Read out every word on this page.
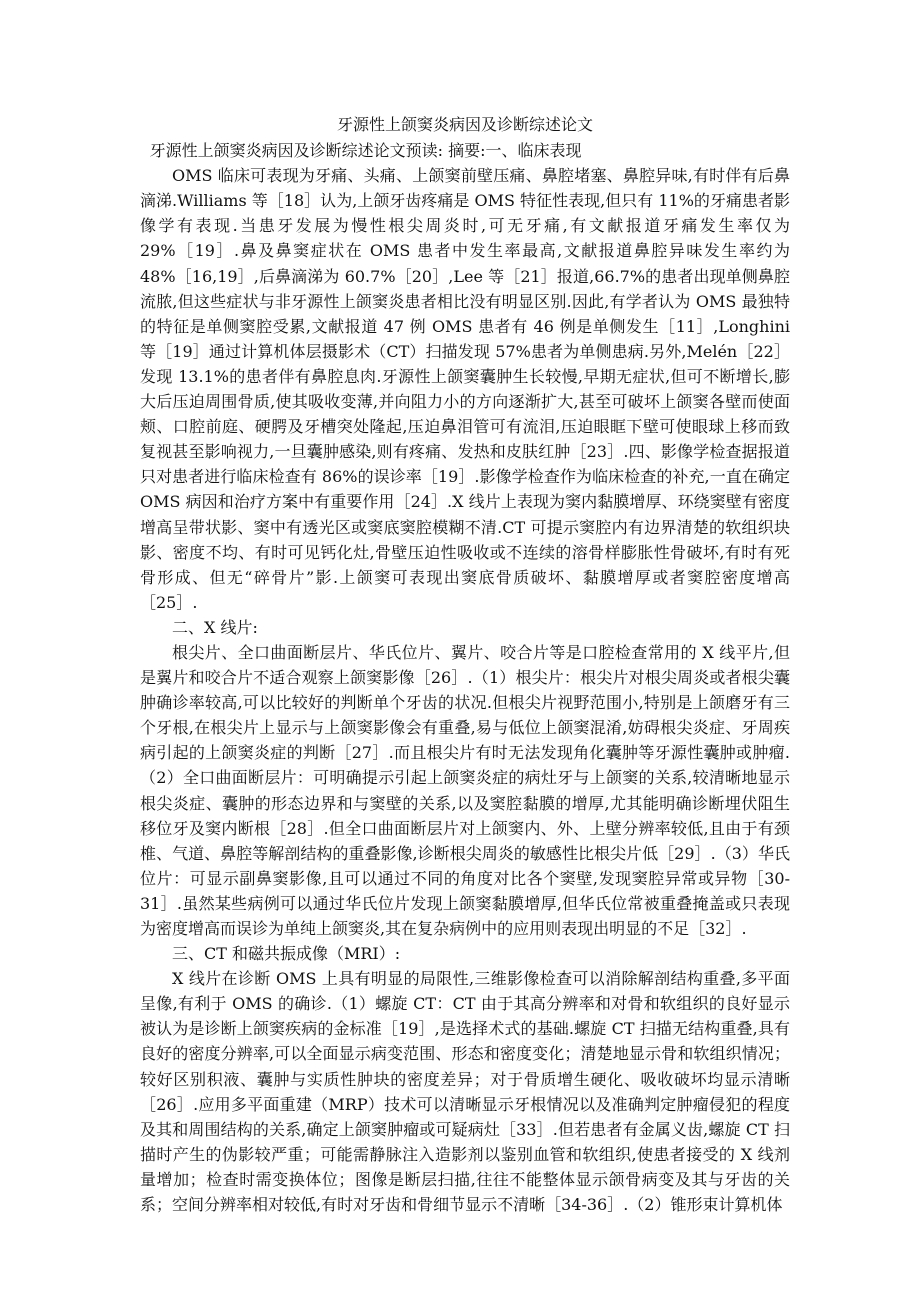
牙源性上颌窦炎病因及诊断综述论文

牙源性上颌窦炎病因及诊断综述论文预读: 摘要:一、临床表现

OMS 临床可表现为牙痛、头痛、上颌窦前壁压痛、鼻腔堵塞、鼻腔异味,有时伴有后鼻滴涕.Williams 等［18］认为,上颌牙齿疼痛是 OMS 特征性表现,但只有 11%的牙痛患者影像学有表现.当患牙发展为慢性根尖周炎时,可无牙痛,有文献报道牙痛发生率仅为 29%［19］.鼻及鼻窦症状在 OMS 患者中发生率最高,文献报道鼻腔异味发生率约为 48%［16,19］,后鼻滴涕为 60.7%［20］,Lee 等［21］报道,66.7%的患者出现单侧鼻腔流脓,但这些症状与非牙源性上颌窦炎患者相比没有明显区别.因此,有学者认为 OMS 最独特的特征是单侧窦腔受累,文献报道 47 例 OMS 患者有 46 例是单侧发生［11］,Longhini 等［19］通过计算机体层摄影术（CT）扫描发现 57%患者为单侧患病.另外,Melén［22］发现 13.1%的患者伴有鼻腔息肉.牙源性上颌窦囊肿生长较慢,早期无症状,但可不断增长,膨大后压迫周围骨质,使其吸收变薄,并向阻力小的方向逐渐扩大,甚至可破坏上颌窦各壁而使面颊、口腔前庭、硬腭及牙槽突处隆起,压迫鼻泪管可有流泪,压迫眼眶下壁可使眼球上移而致复视甚至影响视力,一旦囊肿感染,则有疼痛、发热和皮肤红肿［23］.四、影像学检查据报道只对患者进行临床检查有 86%的误诊率［19］.影像学检查作为临床检查的补充,一直在确定 OMS 病因和治疗方案中有重要作用［24］.X 线片上表现为窦内黏膜增厚、环绕窦壁有密度增高呈带状影、窦中有透光区或窦底窦腔模糊不清.CT 可提示窦腔内有边界清楚的软组织块影、密度不均、有时可见钙化灶,骨壁压迫性吸收或不连续的溶骨样膨胀性骨破坏,有时有死骨形成、但无“碎骨片”影.上颌窦可表现出窦底骨质破坏、黏膜增厚或者窦腔密度增高［25］.

二、X 线片:

根尖片、全口曲面断层片、华氏位片、翼片、咬合片等是口腔检查常用的 X 线平片,但是翼片和咬合片不适合观察上颌窦影像［26］.（1）根尖片：根尖片对根尖周炎或者根尖囊肿确诊率较高,可以比较好的判断单个牙齿的状况.但根尖片视野范围小,特别是上颌磨牙有三个牙根,在根尖片上显示与上颌窦影像会有重叠,易与低位上颌窦混淆,妨碍根尖炎症、牙周疾病引起的上颌窦炎症的判断［27］.而且根尖片有时无法发现角化囊肿等牙源性囊肿或肿瘤.（2）全口曲面断层片：可明确提示引起上颌窦炎症的病灶牙与上颌窦的关系,较清晰地显示根尖炎症、囊肿的形态边界和与窦壁的关系,以及窦腔黏膜的增厚,尤其能明确诊断埋伏阻生移位牙及窦内断根［28］.但全口曲面断层片对上颌窦内、外、上壁分辨率较低,且由于有颈椎、气道、鼻腔等解剖结构的重叠影像,诊断根尖周炎的敏感性比根尖片低［29］.（3）华氏位片：可显示副鼻窦影像,且可以通过不同的角度对比各个窦壁,发现窦腔异常或异物［30-31］.虽然某些病例可以通过华氏位片发现上颌窦黏膜增厚,但华氏位常被重叠掩盖或只表现为密度增高而误诊为单纯上颌窦炎,其在复杂病例中的应用则表现出明显的不足［32］.

三、CT 和磁共振成像（MRI）:

X 线片在诊断 OMS 上具有明显的局限性,三维影像检查可以消除解剖结构重叠,多平面呈像,有利于 OMS 的确诊.（1）螺旋 CT：CT 由于其高分辨率和对骨和软组织的良好显示被认为是诊断上颌窦疾病的金标准［19］,是选择术式的基础.螺旋 CT 扫描无结构重叠,具有良好的密度分辨率,可以全面显示病变范围、形态和密度变化；清楚地显示骨和软组织情况；较好区别积液、囊肿与实质性肿块的密度差异；对于骨质增生硬化、吸收破坏均显示清晰［26］.应用多平面重建（MRP）技术可以清晰显示牙根情况以及准确判定肿瘤侵犯的程度及其和周围结构的关系,确定上颌窦肿瘤或可疑病灶［33］.但若患者有金属义齿,螺旋 CT 扫描时产生的伪影较严重；可能需静脉注入造影剂以鉴别血管和软组织,使患者接受的 X 线剂量增加；检查时需变换体位；图像是断层扫描,往往不能整体显示颌骨病变及其与牙齿的关系；空间分辨率相对较低,有时对牙齿和骨细节显示不清晰［34-36］.（2）锥形束计算机体
